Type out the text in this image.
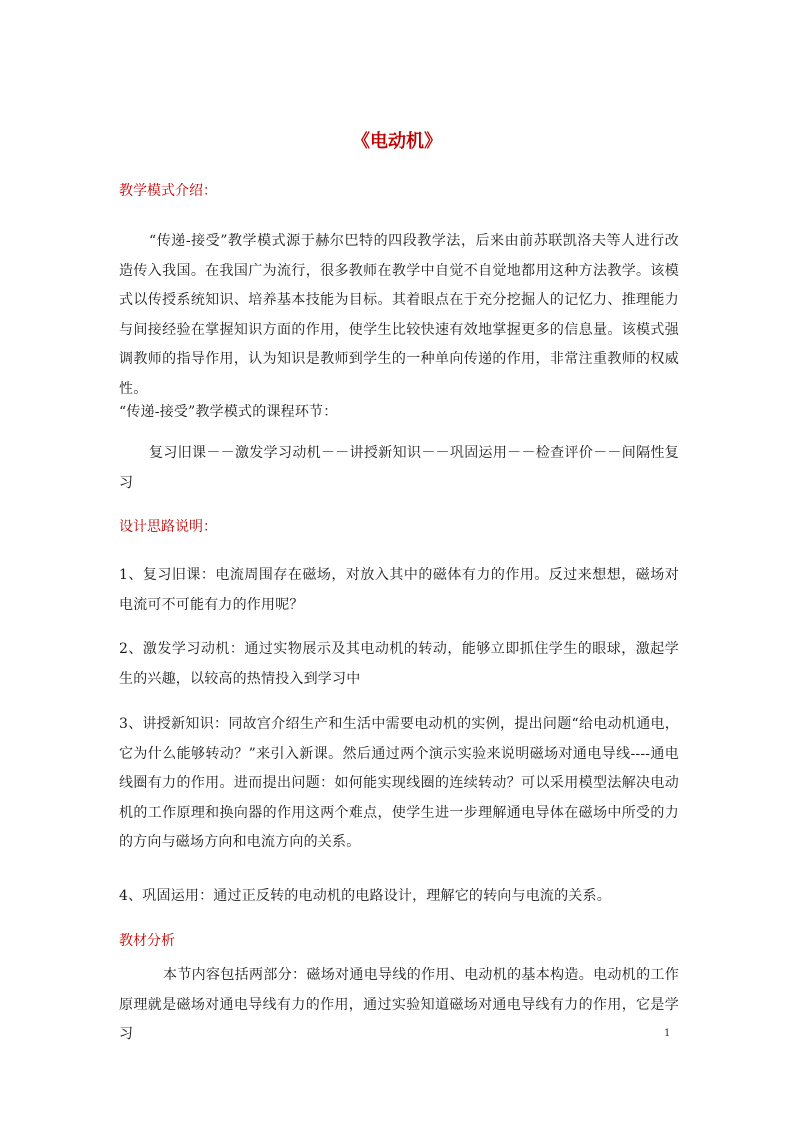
《电动机》
教学模式介绍：
“传递-接受”教学模式源于赫尔巴特的四段教学法，后来由前苏联凯洛夫等人进行改造传入我国。在我国广为流行，很多教师在教学中自觉不自觉地都用这种方法教学。该模式以传授系统知识、培养基本技能为目标。其着眼点在于充分挖掘人的记忆力、推理能力与间接经验在掌握知识方面的作用，使学生比较快速有效地掌握更多的信息量。该模式强调教师的指导作用，认为知识是教师到学生的一种单向传递的作用，非常注重教师的权威性。
“传递-接受”教学模式的课程环节：
复习旧课－－激发学习动机－－讲授新知识－－巩固运用－－检查评价－－间隔性复习
设计思路说明：
1、复习旧课：电流周围存在磁场，对放入其中的磁体有力的作用。反过来想想，磁场对电流可不可能有力的作用呢？
2、激发学习动机：通过实物展示及其电动机的转动，能够立即抓住学生的眼球，激起学生的兴趣，以较高的热情投入到学习中
3、讲授新知识：同故宫介绍生产和生活中需要电动机的实例，提出问题“给电动机通电，它为什么能够转动？”来引入新课。然后通过两个演示实验来说明磁场对通电导线----通电线圈有力的作用。进而提出问题：如何能实现线圈的连续转动？可以采用模型法解决电动机的工作原理和换向器的作用这两个难点，使学生进一步理解通电导体在磁场中所受的力的方向与磁场方向和电流方向的关系。
4、巩固运用：通过正反转的电动机的电路设计，理解它的转向与电流的关系。
教材分析
本节内容包括两部分：磁场对通电导线的作用、电动机的基本构造。电动机的工作原理就是磁场对通电导线有力的作用，通过实验知道磁场对通电导线有力的作用，它是学习	1
